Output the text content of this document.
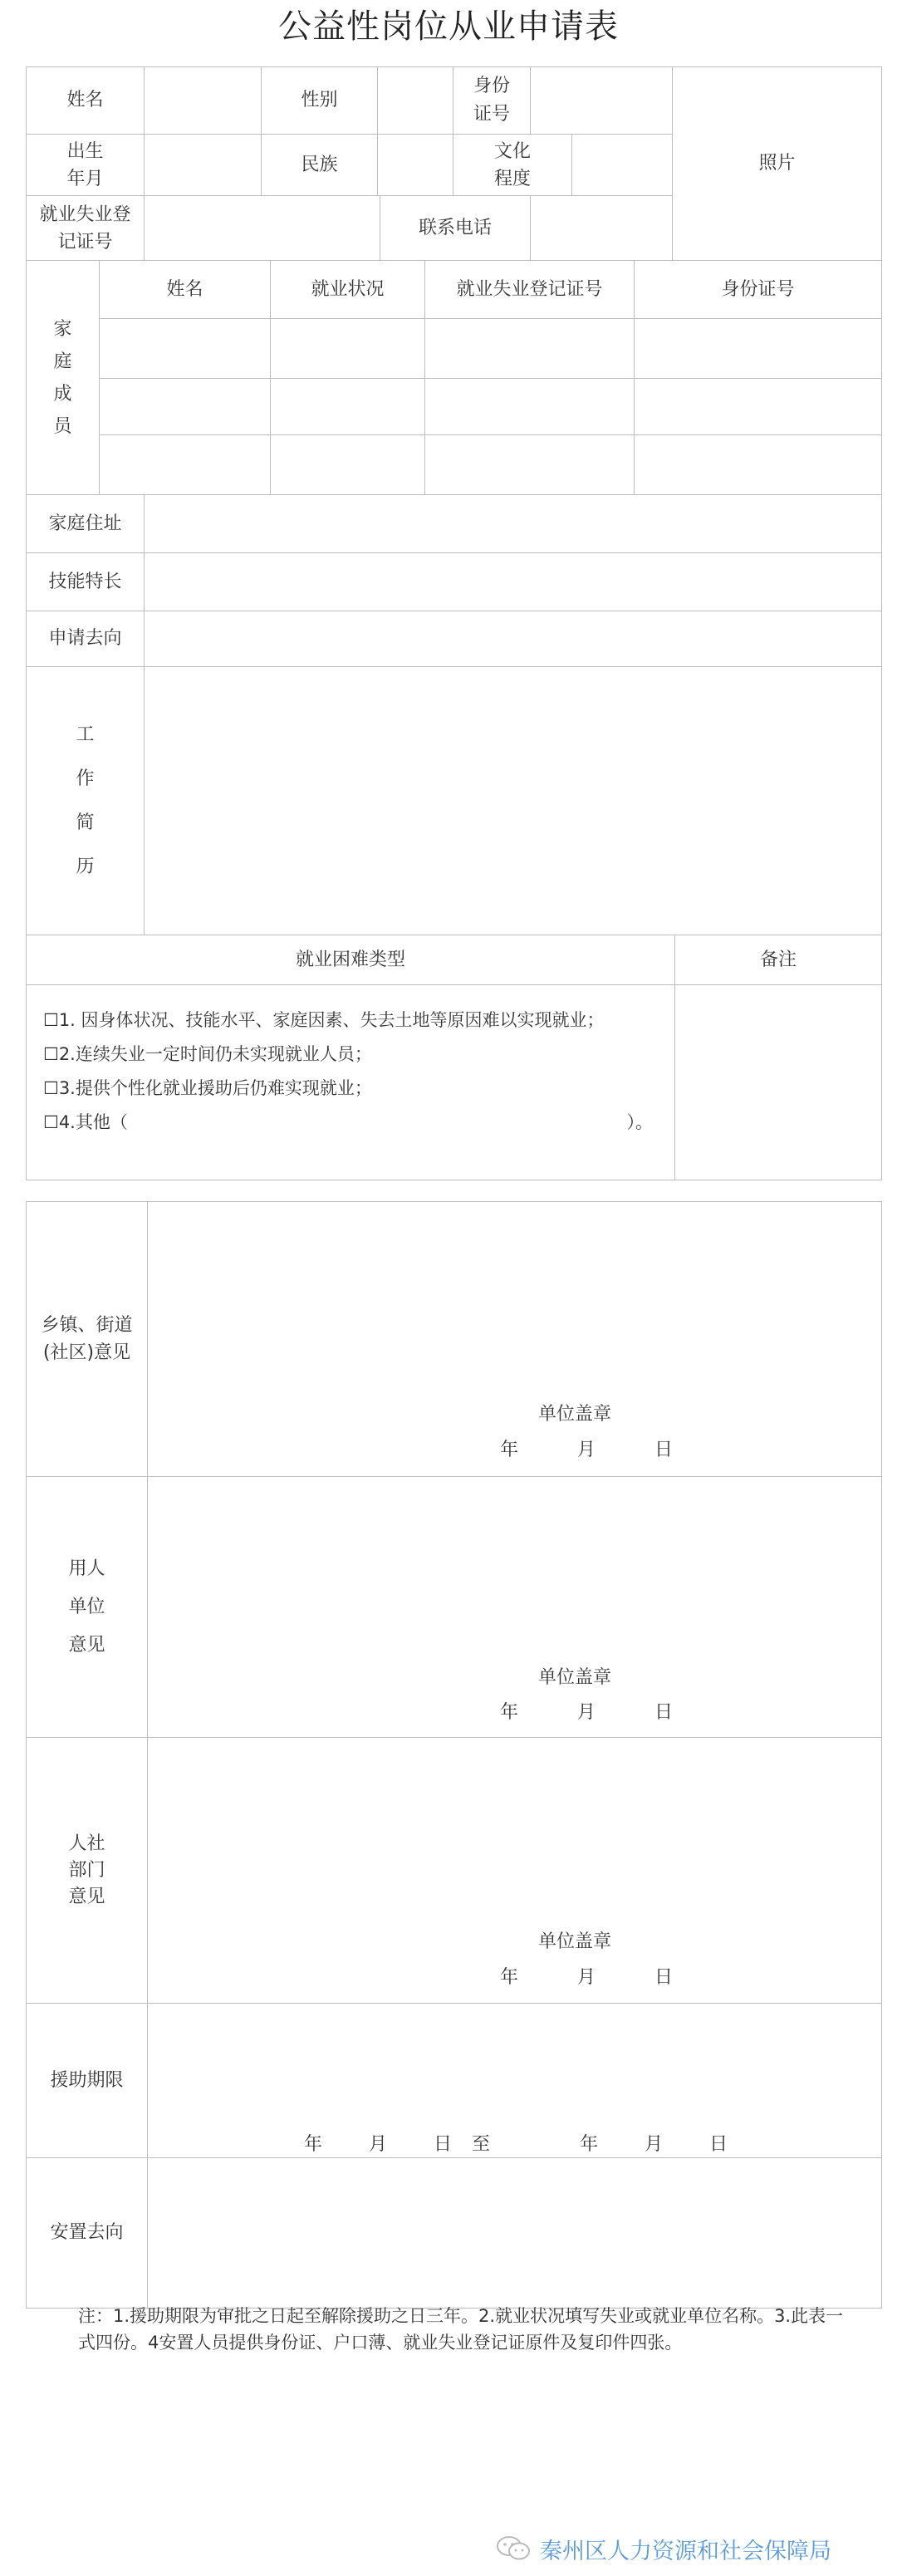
公益性岗位从业申请表
姓名		性别			身份证号			照片

出生年月		民族			文化程度			

就业失业登记证号				联系电话				
家庭成员	姓名		就业状况	就业失业登记证号	身份证号

家庭住址					
技能特长					
申请去向					

工作简历					

就业困难类型	备注

☐1. 因身体状况、技能水平、家庭因素、失去土地等原因难以实现就业；
☐2.连续失业一定时间仍未实现就业人员；
☐3.提供个性化就业援助后仍难实现就业；
☐4.其他（ ）。	

乡镇、街道(社区)意见	单位盖章
年 月 日

用人单位意见	单位盖章
年 月 日

人社部门意见	单位盖章
年 月 日

援助期限	年 月 日 至 年 月 日

安置去向	
注：1.援助期限为审批之日起至解除援助之日三年。2.就业状况填写失业或就业单位名称。3.此表一式四份。4安置人员提供身份证、户口薄、就业失业登记证原件及复印件四张。
秦州区人力资源和社会保障局
